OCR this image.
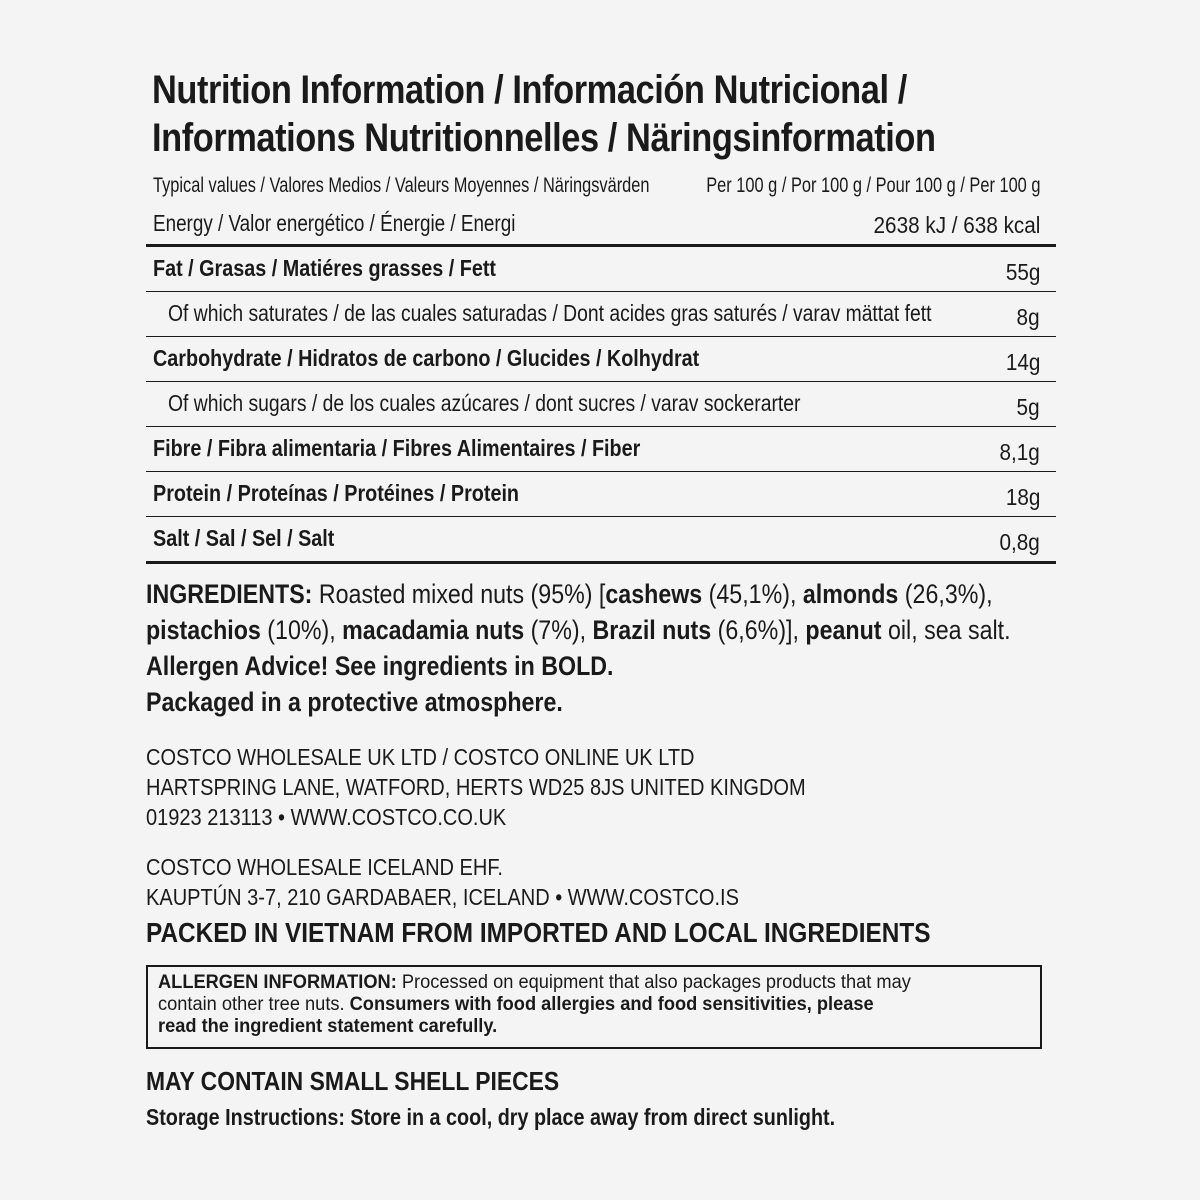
Nutrition Information / Información Nutricional /
Informations Nutritionnelles / Näringsinformation
Typical values / Valores Medios / Valeurs Moyennes / Näringsvärden	Per 100 g / Por 100 g / Pour 100 g / Per 100 g
Energy / Valor energético / Énergie / Energi	2638 kJ / 638 kcal
Fat / Grasas / Matiéres grasses / Fett	55g
Of which saturates / de las cuales saturadas / Dont acides gras saturés / varav mättat fett	8g
Carbohydrate / Hidratos de carbono / Glucides / Kolhydrat	14g
Of which sugars / de los cuales azúcares / dont sucres / varav sockerarter	5g
Fibre / Fibra alimentaria / Fibres Alimentaires / Fiber	8,1g
Protein / Proteínas / Protéines / Protein	18g
Salt / Sal / Sel / Salt	0,8g
INGREDIENTS: Roasted mixed nuts (95%) [cashews (45,1%), almonds (26,3%),
pistachios (10%), macadamia nuts (7%), Brazil nuts (6,6%)], peanut oil, sea salt.
Allergen Advice! See ingredients in BOLD.
Packaged in a protective atmosphere.
COSTCO WHOLESALE UK LTD / COSTCO ONLINE UK LTD
HARTSPRING LANE, WATFORD, HERTS WD25 8JS UNITED KINGDOM
01923 213113 • WWW.COSTCO.CO.UK
COSTCO WHOLESALE ICELAND EHF.
KAUPTÚN 3-7, 210 GARDABAER, ICELAND • WWW.COSTCO.IS
PACKED IN VIETNAM FROM IMPORTED AND LOCAL INGREDIENTS
ALLERGEN INFORMATION: Processed on equipment that also packages products that may
contain other tree nuts. Consumers with food allergies and food sensitivities, please
read the ingredient statement carefully.
MAY CONTAIN SMALL SHELL PIECES
Storage Instructions: Store in a cool, dry place away from direct sunlight.
